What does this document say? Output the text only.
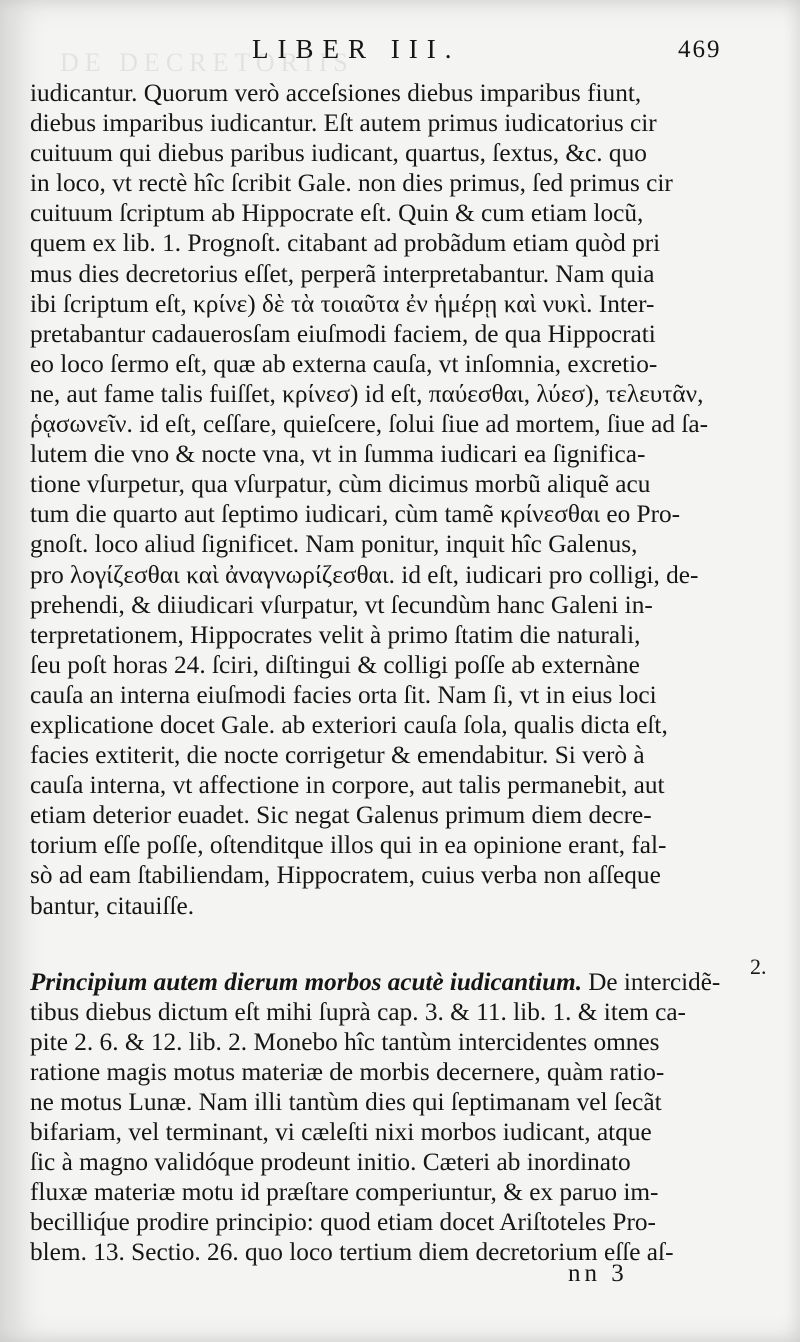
DE DECRETORIIS
LIBER III.	469
iudicantur. Quorum verò acceſsiones diebus imparibus fiunt,
diebus imparibus iudicantur. Eſt autem primus iudicatorius cir
cuituum qui diebus paribus iudicant, quartus, ſextus, &c. quo
in loco, vt rectè hîc ſcribit Gale. non dies primus, ſed primus cir
cuituum ſcriptum ab Hippocrate eſt. Quin & cum etiam locũ,
quem ex lib. 1. Prognoſt. citabant ad probãdum etiam quòd pri
mus dies decretorius eſſet, perperã interpretabantur. Nam quia
ibi ſcriptum eſt, κρίνε) δὲ τὰ τοιαῦτα ἐν ἡμέρῃ καὶ νυκὶ. Inter-
pretabantur cadauerosſam eiuſmodi faciem, de qua Hippocrati
eo loco ſermo eſt, quæ ab externa cauſa, vt inſomnia, excretio-
ne, aut fame talis fuiſſet, κρίνεσ) id eſt, παύεσθαι, λύεσ), τελευτᾶν,
ῥᾳσωνεῖν. id eſt, ceſſare, quieſcere, ſolui ſiue ad mortem, ſiue ad ſa-
lutem die vno & nocte vna, vt in ſumma iudicari ea ſignifica-
tione vſurpetur, qua vſurpatur, cùm dicimus morbũ aliquẽ acu
tum die quarto aut ſeptimo iudicari, cùm tamẽ κρίνεσθαι eo Pro-
gnoſt. loco aliud ſignificet. Nam ponitur, inquit hîc Galenus,
pro λογίζεσθαι καὶ ἀναγνωρίζεσθαι. id eſt, iudicari pro colligi, de-
prehendi, & diiudicari vſurpatur, vt ſecundùm hanc Galeni in-
terpretationem, Hippocrates velit à primo ſtatim die naturali,
ſeu poſt horas 24. ſciri, diſtingui & colligi poſſe ab externàne
cauſa an interna eiuſmodi facies orta ſit. Nam ſi, vt in eius loci
explicatione docet Gale. ab exteriori cauſa ſola, qualis dicta eſt,
facies extiterit, die nocte corrigetur & emendabitur. Si verò à
cauſa interna, vt affectione in corpore, aut talis permanebit, aut
etiam deterior euadet. Sic negat Galenus primum diem decre-
torium eſſe poſſe, oſtenditque illos qui in ea opinione erant, fal-
sò ad eam ſtabiliendam, Hippocratem, cuius verba non aſſeque
bantur, citauiſſe.
Principium autem dierum morbos acutè iudicantium. De intercidẽ-
tibus diebus dictum eſt mihi ſuprà cap. 3. & 11. lib. 1. & item ca-
pite 2. 6. & 12. lib. 2. Monebo hîc tantùm intercidentes omnes
ratione magis motus materiæ de morbis decernere, quàm ratio-
ne motus Lunæ. Nam illi tantùm dies qui ſeptimanam vel ſecãt
bifariam, vel terminant, vi cæleſti nixi morbos iudicant, atque
ſic à magno validóque prodeunt initio. Cæteri ab inordinato
fluxæ materiæ motu id præſtare comperiuntur, & ex paruo im-
becilliq́ue prodire principio: quod etiam docet Ariſtoteles Pro-
blem. 13. Sectio. 26. quo loco tertium diem decretorium eſſe aſ-
2.
nn 3
